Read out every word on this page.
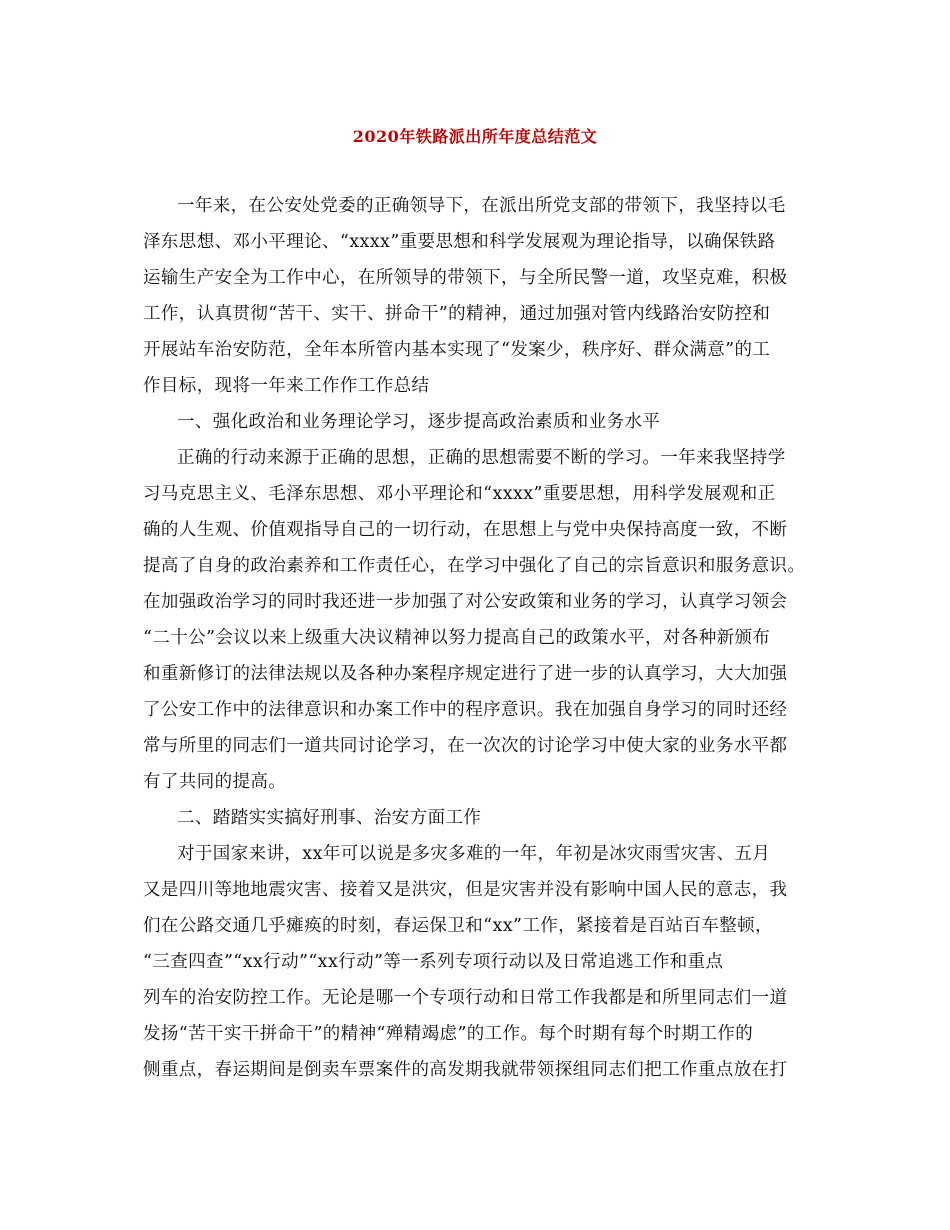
2020年铁路派出所年度总结范文
一年来，在公安处党委的正确领导下，在派出所党支部的带领下，我坚持以毛
泽东思想、邓小平理论、“xxxx”重要思想和科学发展观为理论指导，以确保铁路
运输生产安全为工作中心，在所领导的带领下，与全所民警一道，攻坚克难，积极
工作，认真贯彻“苦干、实干、拼命干”的精神，通过加强对管内线路治安防控和
开展站车治安防范，全年本所管内基本实现了“发案少，秩序好、群众满意”的工
作目标，现将一年来工作作工作总结
一、强化政治和业务理论学习，逐步提高政治素质和业务水平
正确的行动来源于正确的思想，正确的思想需要不断的学习。一年来我坚持学
习马克思主义、毛泽东思想、邓小平理论和“xxxx”重要思想，用科学发展观和正
确的人生观、价值观指导自己的一切行动，在思想上与党中央保持高度一致，不断
提高了自身的政治素养和工作责任心，在学习中强化了自己的宗旨意识和服务意识。
在加强政治学习的同时我还进一步加强了对公安政策和业务的学习，认真学习领会
“二十公”会议以来上级重大决议精神以努力提高自己的政策水平，对各种新颁布
和重新修订的法律法规以及各种办案程序规定进行了进一步的认真学习，大大加强
了公安工作中的法律意识和办案工作中的程序意识。我在加强自身学习的同时还经
常与所里的同志们一道共同讨论学习，在一次次的讨论学习中使大家的业务水平都
有了共同的提高。
二、踏踏实实搞好刑事、治安方面工作
对于国家来讲，xx年可以说是多灾多难的一年，年初是冰灾雨雪灾害、五月
又是四川等地地震灾害、接着又是洪灾，但是灾害并没有影响中国人民的意志，我
们在公路交通几乎瘫痪的时刻，春运保卫和“xx”工作，紧接着是百站百车整顿，
“三查四查”“xx行动”“xx行动”等一系列专项行动以及日常追逃工作和重点
列车的治安防控工作。无论是哪一个专项行动和日常工作我都是和所里同志们一道
发扬“苦干实干拼命干”的精神“殚精竭虑”的工作。每个时期有每个时期工作的
侧重点，春运期间是倒卖车票案件的高发期我就带领探组同志们把工作重点放在打
